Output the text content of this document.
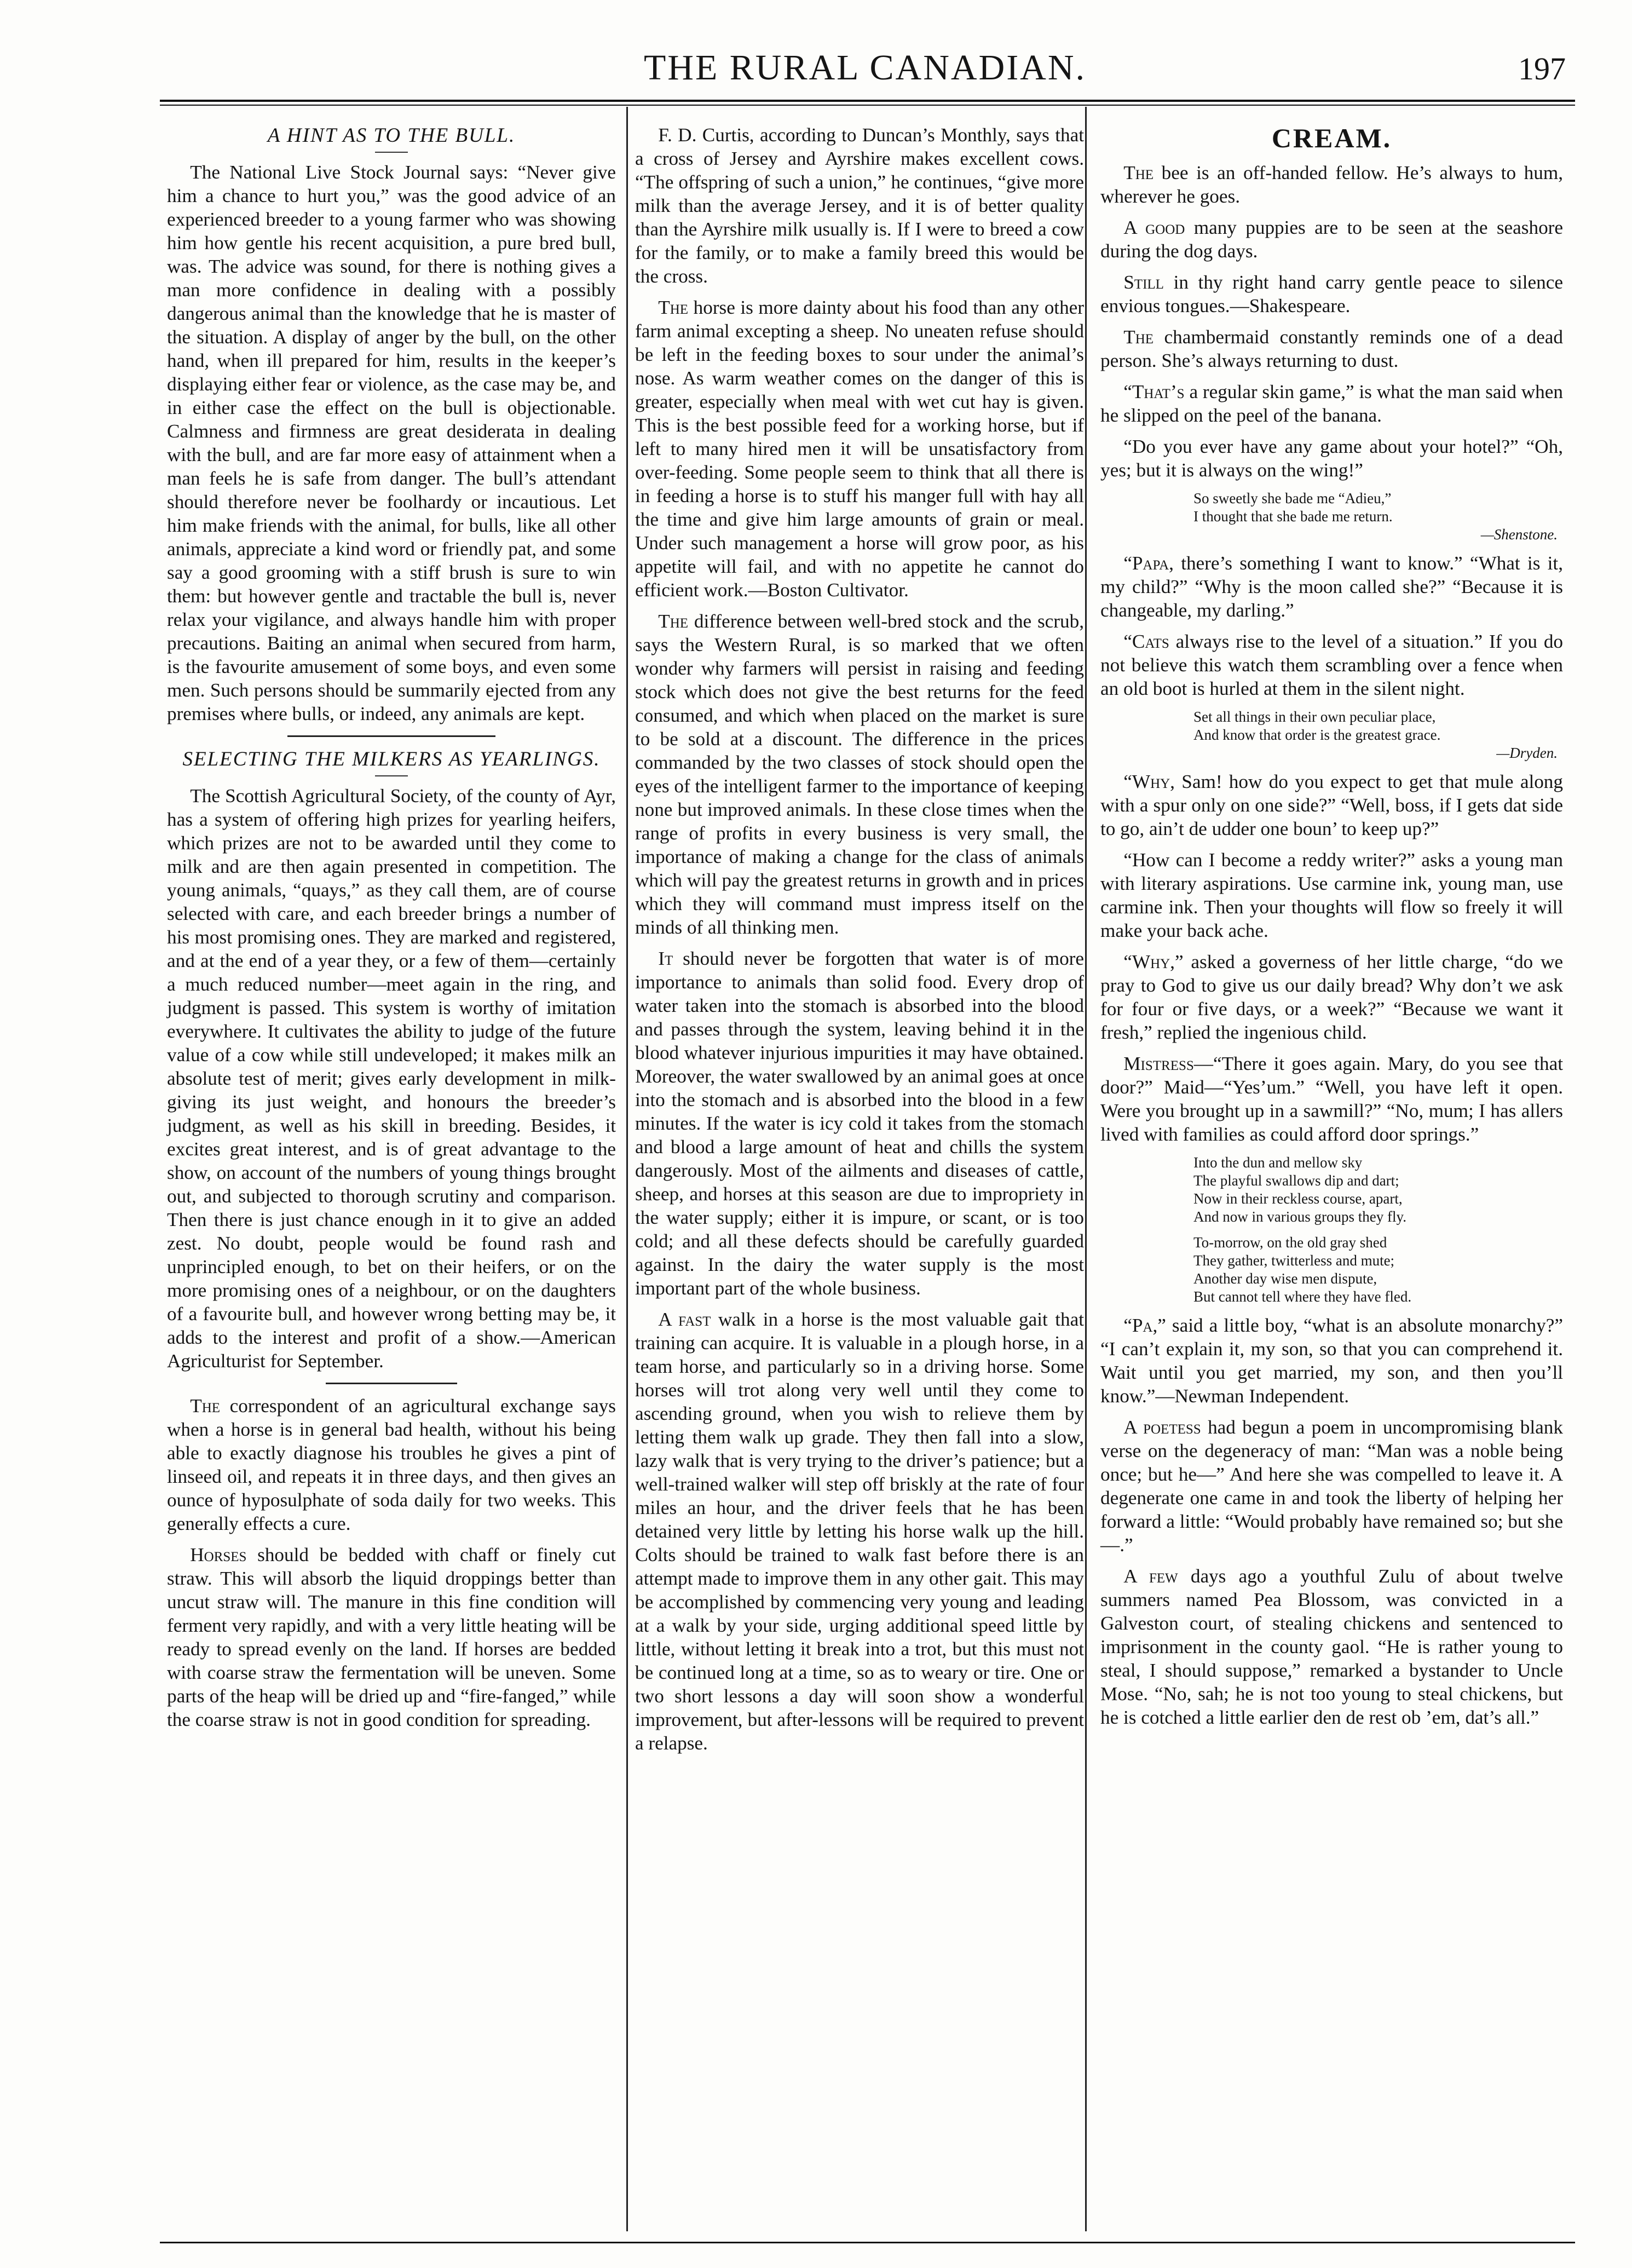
THE RURAL CANADIAN.	197
A HINT AS TO THE BULL.

The National Live Stock Journal says: “Never give him a chance to hurt you,” was the good advice of an experienced breeder to a young farmer who was showing him how gentle his recent acquisition, a pure bred bull, was. The advice was sound, for there is nothing gives a man more confidence in dealing with a possibly dangerous animal than the knowledge that he is master of the situation. A display of anger by the bull, on the other hand, when ill prepared for him, results in the keeper’s displaying either fear or violence, as the case may be, and in either case the effect on the bull is objectionable. Calmness and firmness are great desiderata in dealing with the bull, and are far more easy of attainment when a man feels he is safe from danger. The bull’s attendant should therefore never be foolhardy or incautious. Let him make friends with the animal, for bulls, like all other animals, appreciate a kind word or friendly pat, and some say a good grooming with a stiff brush is sure to win them: but however gentle and tractable the bull is, never relax your vigilance, and always handle him with proper precautions. Baiting an animal when secured from harm, is the favourite amusement of some boys, and even some men. Such persons should be summarily ejected from any premises where bulls, or indeed, any animals are kept.

SELECTING THE MILKERS AS YEARLINGS.

The Scottish Agricultural Society, of the county of Ayr, has a system of offering high prizes for yearling heifers, which prizes are not to be awarded until they come to milk and are then again presented in competition. The young animals, “quays,” as they call them, are of course selected with care, and each breeder brings a number of his most promising ones. They are marked and registered, and at the end of a year they, or a few of them—certainly a much reduced number—meet again in the ring, and judgment is passed. This system is worthy of imitation everywhere. It cultivates the ability to judge of the future value of a cow while still undeveloped; it makes milk an absolute test of merit; gives early development in milk-giving its just weight, and honours the breeder’s judgment, as well as his skill in breeding. Besides, it excites great interest, and is of great advantage to the show, on account of the numbers of young things brought out, and subjected to thorough scrutiny and comparison. Then there is just chance enough in it to give an added zest. No doubt, people would be found rash and unprincipled enough, to bet on their heifers, or on the more promising ones of a neighbour, or on the daughters of a favourite bull, and however wrong betting may be, it adds to the interest and profit of a show.—American Agriculturist for September.

The correspondent of an agricultural exchange says when a horse is in general bad health, without his being able to exactly diagnose his troubles he gives a pint of linseed oil, and repeats it in three days, and then gives an ounce of hyposulphate of soda daily for two weeks. This generally effects a cure.

Horses should be bedded with chaff or finely cut straw. This will absorb the liquid droppings better than uncut straw will. The manure in this fine condition will ferment very rapidly, and with a very little heating will be ready to spread evenly on the land. If horses are bedded with coarse straw the fermentation will be uneven. Some parts of the heap will be dried up and “fire-fanged,” while the coarse straw is not in good condition for spreading.

F. D. Curtis, according to Duncan’s Monthly, says that a cross of Jersey and Ayrshire makes excellent cows. “The offspring of such a union,” he continues, “give more milk than the average Jersey, and it is of better quality than the Ayrshire milk usually is. If I were to breed a cow for the family, or to make a family breed this would be the cross.

The horse is more dainty about his food than any other farm animal excepting a sheep. No uneaten refuse should be left in the feeding boxes to sour under the animal’s nose. As warm weather comes on the danger of this is greater, especially when meal with wet cut hay is given. This is the best possible feed for a working horse, but if left to many hired men it will be unsatisfactory from over-feeding. Some people seem to think that all there is in feeding a horse is to stuff his manger full with hay all the time and give him large amounts of grain or meal. Under such management a horse will grow poor, as his appetite will fail, and with no appetite he cannot do efficient work.—Boston Cultivator.

The difference between well-bred stock and the scrub, says the Western Rural, is so marked that we often wonder why farmers will persist in raising and feeding stock which does not give the best returns for the feed consumed, and which when placed on the market is sure to be sold at a discount. The difference in the prices commanded by the two classes of stock should open the eyes of the intelligent farmer to the importance of keeping none but improved animals. In these close times when the range of profits in every business is very small, the importance of making a change for the class of animals which will pay the greatest returns in growth and in prices which they will command must impress itself on the minds of all thinking men.

It should never be forgotten that water is of more importance to animals than solid food. Every drop of water taken into the stomach is absorbed into the blood and passes through the system, leaving behind it in the blood whatever injurious impurities it may have obtained. Moreover, the water swallowed by an animal goes at once into the stomach and is absorbed into the blood in a few minutes. If the water is icy cold it takes from the stomach and blood a large amount of heat and chills the system dangerously. Most of the ailments and diseases of cattle, sheep, and horses at this season are due to impropriety in the water supply; either it is impure, or scant, or is too cold; and all these defects should be carefully guarded against. In the dairy the water supply is the most important part of the whole business.

A fast walk in a horse is the most valuable gait that training can acquire. It is valuable in a plough horse, in a team horse, and particularly so in a driving horse. Some horses will trot along very well until they come to ascending ground, when you wish to relieve them by letting them walk up grade. They then fall into a slow, lazy walk that is very trying to the driver’s patience; but a well-trained walker will step off briskly at the rate of four miles an hour, and the driver feels that he has been detained very little by letting his horse walk up the hill. Colts should be trained to walk fast before there is an attempt made to improve them in any other gait. This may be accomplished by commencing very young and leading at a walk by your side, urging additional speed little by little, without letting it break into a trot, but this must not be continued long at a time, so as to weary or tire. One or two short lessons a day will soon show a wonderful improvement, but after-lessons will be required to prevent a relapse.

CREAM.

The bee is an off-handed fellow. He’s always to hum, wherever he goes.

A good many puppies are to be seen at the seashore during the dog days.

Still in thy right hand carry gentle peace to silence envious tongues.—Shakespeare.

The chambermaid constantly reminds one of a dead person. She’s always returning to dust.

“That’s a regular skin game,” is what the man said when he slipped on the peel of the banana.

“Do you ever have any game about your hotel?” “Oh, yes; but it is always on the wing!”

So sweetly she bade me “Adieu,”
I thought that she bade me return.
—Shenstone.

“Papa, there’s something I want to know.” “What is it, my child?” “Why is the moon called she?” “Because it is changeable, my darling.”

“Cats always rise to the level of a situation.” If you do not believe this watch them scrambling over a fence when an old boot is hurled at them in the silent night.

Set all things in their own peculiar place,
And know that order is the greatest grace.
—Dryden.

“Why, Sam! how do you expect to get that mule along with a spur only on one side?” “Well, boss, if I gets dat side to go, ain’t de udder one boun’ to keep up?”

“How can I become a reddy writer?” asks a young man with literary aspirations. Use carmine ink, young man, use carmine ink. Then your thoughts will flow so freely it will make your back ache.

“Why,” asked a governess of her little charge, “do we pray to God to give us our daily bread? Why don’t we ask for four or five days, or a week?” “Because we want it fresh,” replied the ingenious child.

Mistress—“There it goes again. Mary, do you see that door?” Maid—“Yes’um.” “Well, you have left it open. Were you brought up in a sawmill?” “No, mum; I has allers lived with families as could afford door springs.”

Into the dun and mellow sky
The playful swallows dip and dart;
Now in their reckless course, apart,
And now in various groups they fly.
To-morrow, on the old gray shed
They gather, twitterless and mute;
Another day wise men dispute,
But cannot tell where they have fled.

“Pa,” said a little boy, “what is an absolute monarchy?” “I can’t explain it, my son, so that you can comprehend it. Wait until you get married, my son, and then you’ll know.”—Newman Independent.

A poetess had begun a poem in uncompromising blank verse on the degeneracy of man: “Man was a noble being once; but he—” And here she was compelled to leave it. A degenerate one came in and took the liberty of helping her forward a little: “Would probably have remained so; but she—.”

A few days ago a youthful Zulu of about twelve summers named Pea Blossom, was convicted in a Galveston court, of stealing chickens and sentenced to imprisonment in the county gaol. “He is rather young to steal, I should suppose,” remarked a bystander to Uncle Mose. “No, sah; he is not too young to steal chickens, but he is cotched a little earlier den de rest ob ’em, dat’s all.”
